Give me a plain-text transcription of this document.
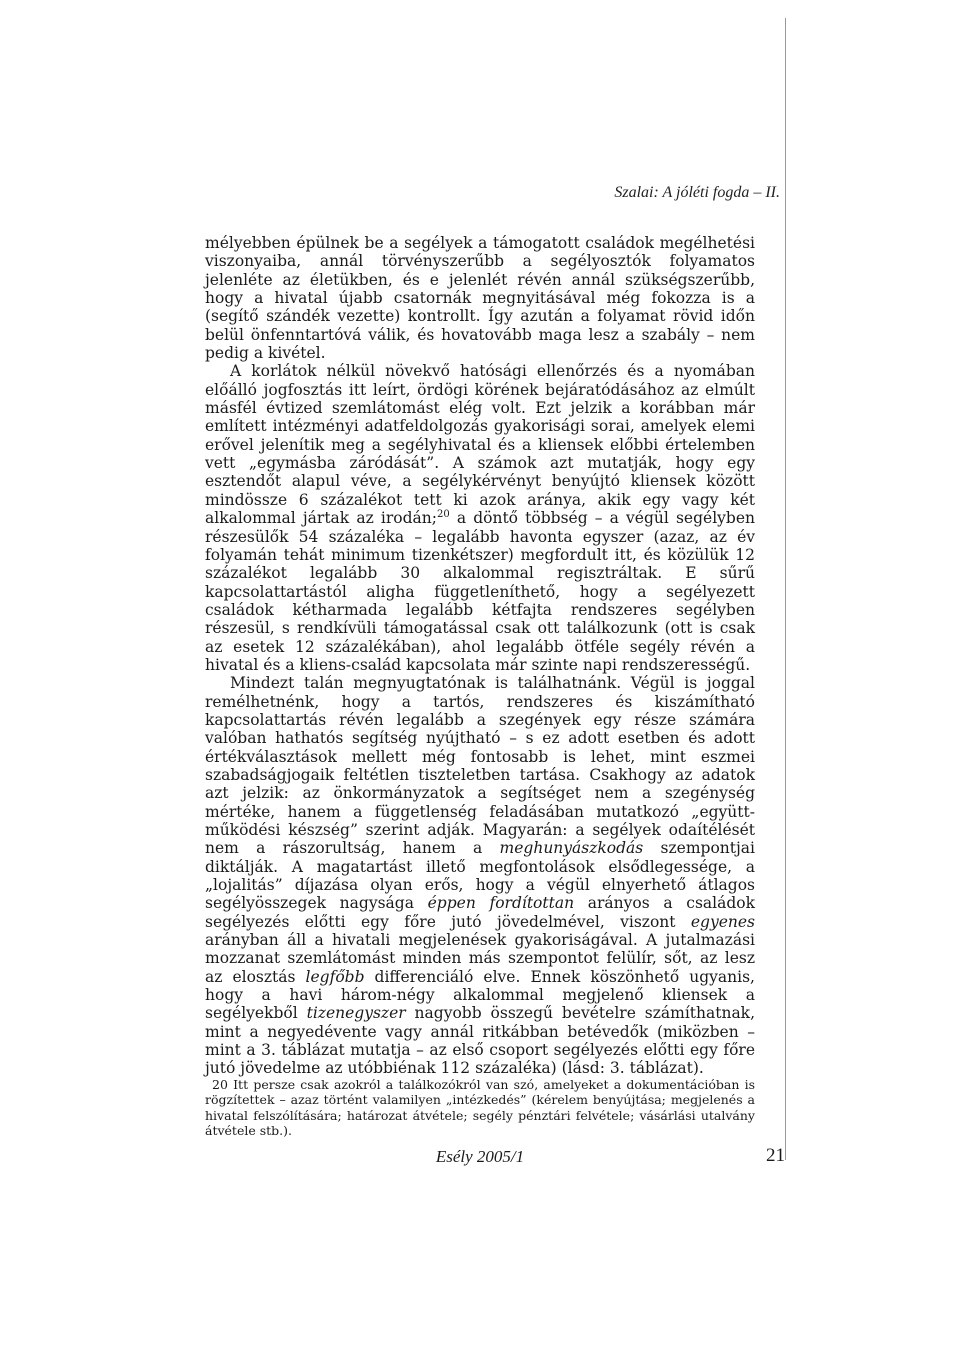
Szalai: A jóléti fogda – II.

mélyebben épülnek be a segélyek a támogatott családok megélhetési viszonyaiba, annál törvényszerűbb a segélyosztók folyamatos jelenléte az életükben, és e jelenlét révén annál szükségszerűbb, hogy a hivatal újabb csatornák megnyitásával még fokozza is a (segítő szándék vezette) kontrollt. Így azután a folyamat rövid időn belül önfenntartóvá válik, és hovatovább maga lesz a szabály – nem pedig a kivétel.

A korlátok nélkül növekvő hatósági ellenőrzés és a nyomában előálló jogfosztás itt leírt, ördögi körének bejáratódásához az elmúlt másfél évtized szemlátomást elég volt. Ezt jelzik a korábban már említett intézményi adatfeldolgozás gyakorisági sorai, amelyek elemi erővel jelenítik meg a segélyhivatal és a kliensek előbbi értelemben vett „egymásba záródását”. A számok azt mutatják, hogy egy esztendőt alapul véve, a segélykérvényt benyújtó kliensek között mindössze 6 százalékot tett ki azok aránya, akik egy vagy két alkalommal jártak az irodán;$^{20}$ a döntő többség – a végül segélyben részesülők 54 százaléka – legalább havonta egyszer (azaz, az év folyamán tehát minimum tizenkétszer) megfordult itt, és közülük 12 százalékot legalább 30 alkalommal regisztráltak. E sűrű kapcsolattartástól aligha függetleníthető, hogy a segélyezett családok kétharmada legalább kétfajta rendszeres segélyben részesül, s rendkívüli támogatással csak ott találkozunk (ott is csak az esetek 12 százalékában), ahol legalább ötféle segély révén a hivatal és a kliens-család kapcsolata már szinte napi rendszerességű.

Mindezt talán megnyugtatónak is találhatnánk. Végül is joggal remélhetnénk, hogy a tartós, rendszeres és kiszámítható kapcsolattartás révén legalább a szegények egy része számára valóban hathatós segítség nyújtható – s ez adott esetben és adott értékválasztások mellett még fontosabb is lehet, mint eszmei szabadságjogaik feltétlen tiszteletben tartása. Csakhogy az adatok azt jelzik: az önkormányzatok a segítséget nem a szegénység mértéke, hanem a függetlenség feladásában mutatkozó „együttműködési készség” szerint adják. Magyarán: a segélyek odaítélését nem a rászorultság, hanem a meghunyászkodás szempontjai diktálják. A magatartást illető megfontolások elsődlegessége, a „lojalitás” díjazása olyan erős, hogy a végül elnyerhető átlagos segélyösszegek nagysága éppen fordítottan arányos a családok segélyezés előtti egy főre jutó jövedelmével, viszont egyenes arányban áll a hivatali megjelenések gyakoriságával. A jutalmazási mozzanat szemlátomást minden más szempontot felülír, sőt, az lesz az elosztás legfőbb differenciáló elve. Ennek köszönhető ugyanis, hogy a havi három-négy alkalommal megjelenő kliensek a segélyekből tizenegyszer nagyobb összegű bevételre számíthatnak, mint a negyedévente vagy annál ritkábban betévedők (miközben – mint a 3. táblázat mutatja – az első csoport segélyezés előtti egy főre jutó jövedelme az utóbbiénak 112 százaléka) (lásd: 3. táblázat).

20 Itt persze csak azokról a találkozókról van szó, amelyeket a dokumentációban is rögzítettek – azaz történt valamilyen „intézkedés” (kérelem benyújtása; megjelenés a hivatal felszólítására; határozat átvétele; segély pénztári felvétele; vásárlási utalvány átvétele stb.).

Esély 2005/1	21
